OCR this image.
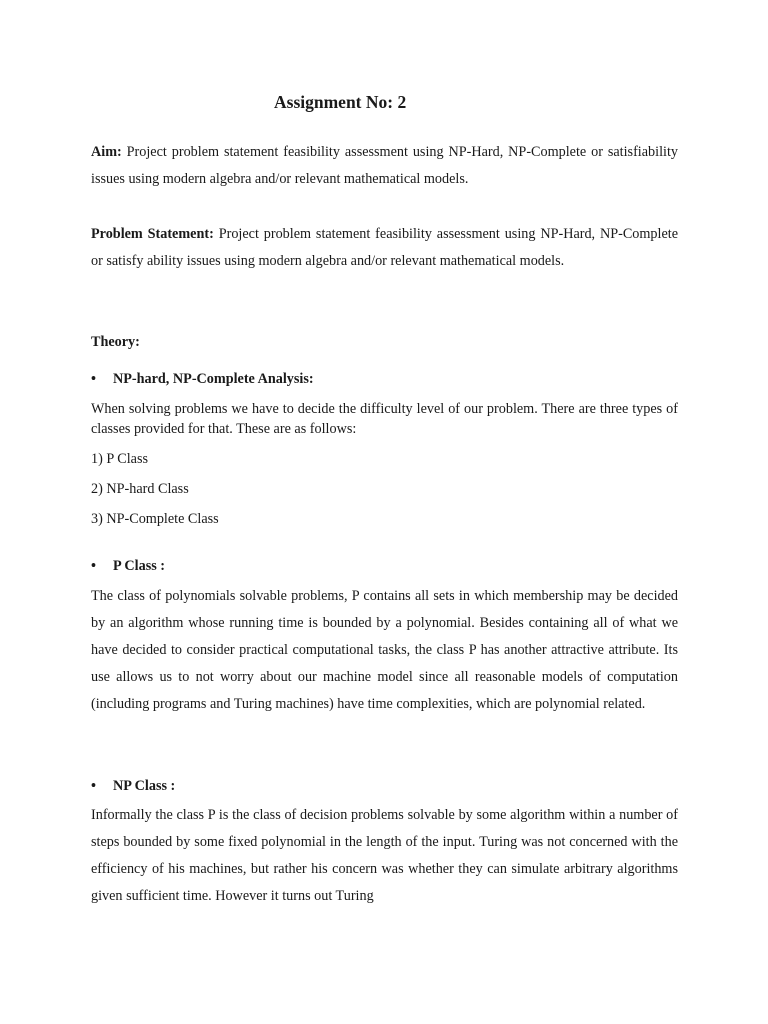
Assignment No: 2

Aim: Project problem statement feasibility assessment using NP-Hard, NP-Complete or satisfiability issues using modern algebra and/or relevant mathematical models.

Problem Statement: Project problem statement feasibility assessment using NP-Hard, NP-Complete or satisfy ability issues using modern algebra and/or relevant mathematical models.

Theory:

• NP-hard, NP-Complete Analysis:

When solving problems we have to decide the difficulty level of our problem. There are three types of classes provided for that. These are as follows:

1) P Class

2) NP-hard Class

3) NP-Complete Class

• P Class :

The class of polynomials solvable problems, P contains all sets in which membership may be decided by an algorithm whose running time is bounded by a polynomial. Besides containing all of what we have decided to consider practical computational tasks, the class P has another attractive attribute. Its use allows us to not worry about our machine model since all reasonable models of computation (including programs and Turing machines) have time complexities, which are polynomial related.

• NP Class :

Informally the class P is the class of decision problems solvable by some algorithm within a number of steps bounded by some fixed polynomial in the length of the input. Turing was not concerned with the efficiency of his machines, but rather his concern was whether they can simulate arbitrary algorithms given sufficient time. However it turns out Turing
